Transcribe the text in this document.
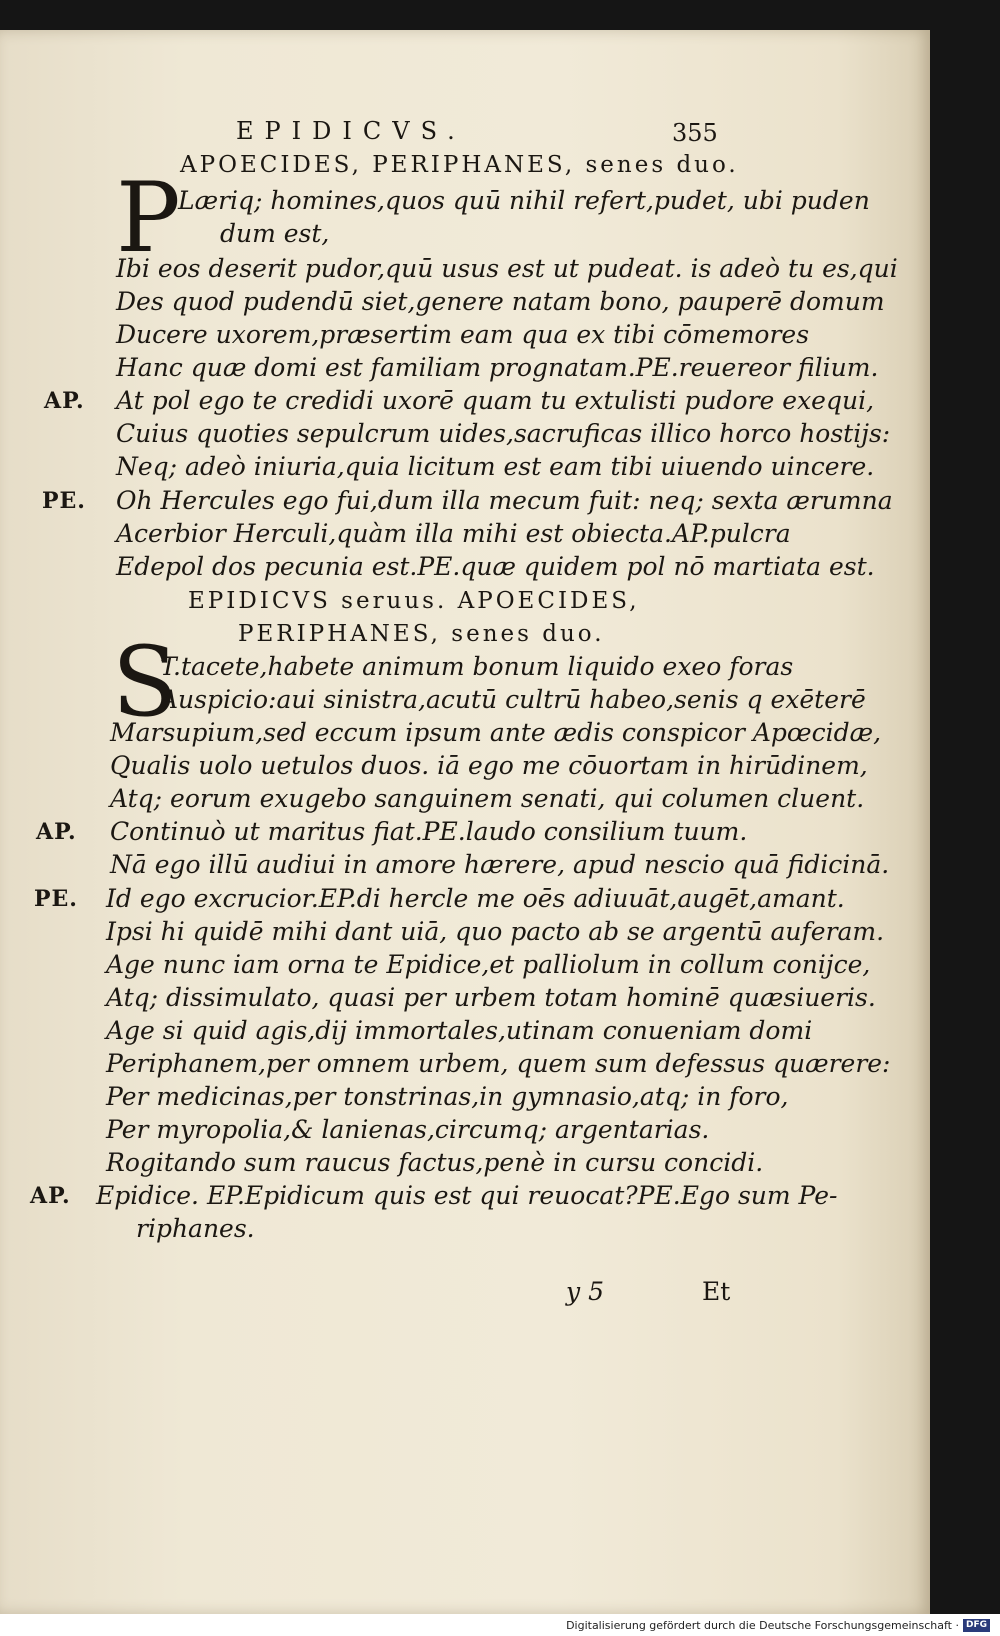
EPIDICVS.	355
APOECIDES, PERIPHANES, senes duo.
P
Læriq; homines,quos quū nihil refert,pudet, ubi puden
dum est,
Ibi eos deserit pudor,quū usus est ut pudeat. is adeò tu es,qui
Des quod pudendū siet,genere natam bono, pauperē domum
Ducere uxorem,præsertim eam qua ex tibi cōmemores
Hanc quæ domi est familiam prognatam.PE.reuereor filium.
AP. At pol ego te credidi uxorē quam tu extulisti pudore exequi,
Cuius quoties sepulcrum uides,sacruficas illico horco hostijs:
Neq; adeò iniuria,quia licitum est eam tibi uiuendo uincere.
PE. Oh Hercules ego fui,dum illa mecum fuit: neq; sexta ærumna
Acerbior Herculi,quàm illa mihi est obiecta.AP.pulcra
Edepol dos pecunia est.PE.quæ quidem pol nō martiata est.
EPIDICVS seruus. APOECIDES,
PERIPHANES, senes duo.
S
T.tacete,habete animum bonum liquido exeo foras
Auspicio:aui sinistra,acutū cultrū habeo,senis q exēterē
Marsupium,sed eccum ipsum ante ædis conspicor Apœcidæ,
Qualis uolo uetulos duos. iā ego me cōuortam in hirūdinem,
Atq; eorum exugebo sanguinem senati, qui columen cluent.
AP. Continuò ut maritus fiat.PE.laudo consilium tuum.
Nā ego illū audiui in amore hærere, apud nescio quā fidicinā.
PE. Id ego excrucior.EP.di hercle me oēs adiuuāt,augēt,amant.
Ipsi hi quidē mihi dant uiā, quo pacto ab se argentū auferam.
Age nunc iam orna te Epidice,et palliolum in collum conijce,
Atq; dissimulato, quasi per urbem totam hominē quæsiueris.
Age si quid agis,dij immortales,utinam conueniam domi
Periphanem,per omnem urbem, quem sum defessus quærere:
Per medicinas,per tonstrinas,in gymnasio,atq; in foro,
Per myropolia,& lanienas,circumq; argentarias.
Rogitando sum raucus factus,penè in cursu concidi.
AP. Epidice. EP.Epidicum quis est qui reuocat?PE.Ego sum Pe-
riphanes.
y 5	Et
Digitalisierung gefördert durch die Deutsche Forschungsgemeinschaft · DFG
